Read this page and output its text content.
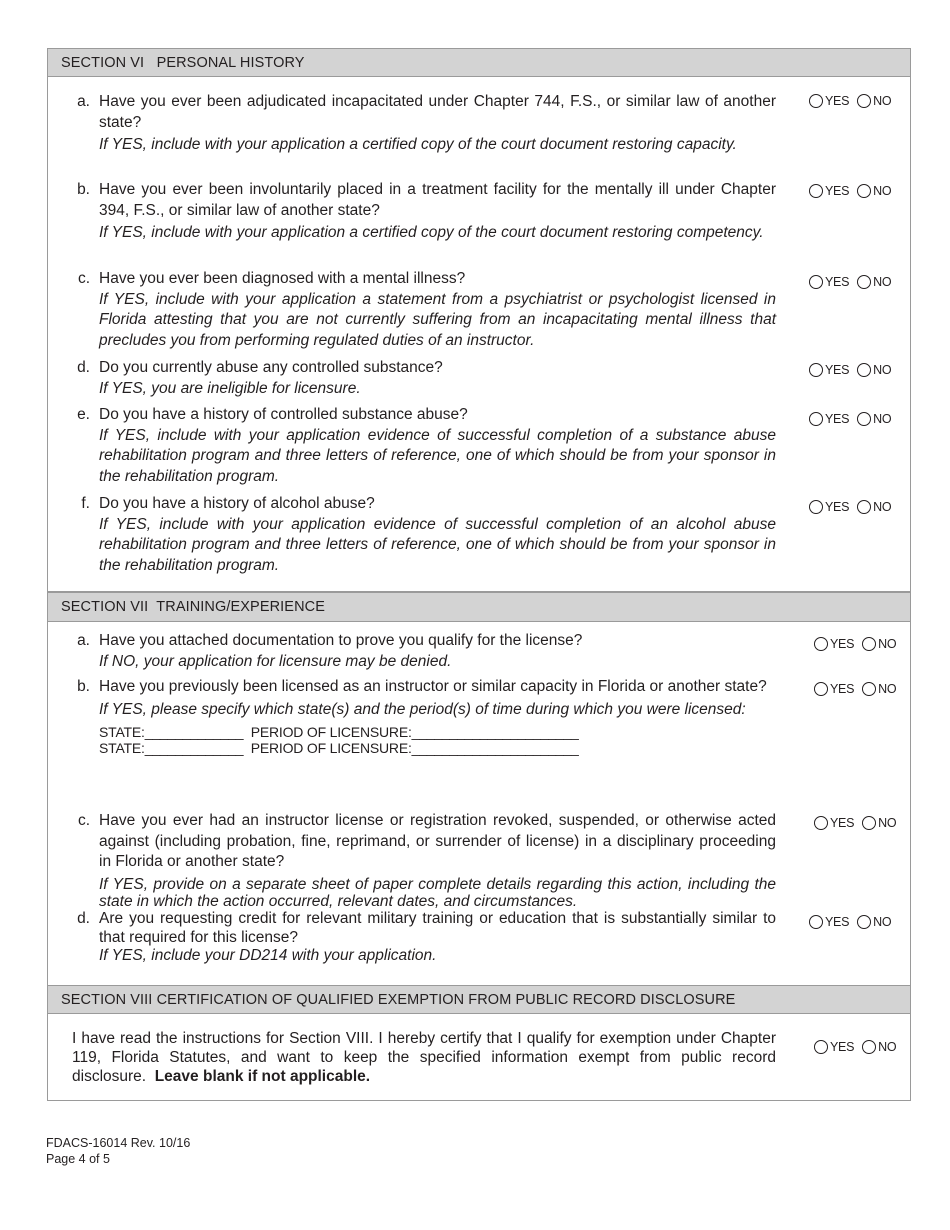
SECTION VI   PERSONAL HISTORY
a. Have you ever been adjudicated incapacitated under Chapter 744, F.S., or similar law of another state?

If YES, include with your application a certified copy of the court document restoring capacity.

b. Have you ever been involuntarily placed in a treatment facility for the mentally ill under Chapter 394, F.S., or similar law of another state?

If YES, include with your application a certified copy of the court document restoring competency.

c. Have you ever been diagnosed with a mental illness?

If YES, include with your application a statement from a psychiatrist or psychologist licensed in Florida attesting that you are not currently suffering from an incapacitating mental illness that precludes you from performing regulated duties of an instructor.

d. Do you currently abuse any controlled substance?

If YES, you are ineligible for licensure.

e. Do you have a history of controlled substance abuse?

If YES, include with your application evidence of successful completion of a substance abuse rehabilitation program and three letters of reference, one of which should be from your sponsor in the rehabilitation program.

f. Do you have a history of alcohol abuse?

If YES, include with your application evidence of successful completion of an alcohol abuse rehabilitation program and three letters of reference, one of which should be from your sponsor in the rehabilitation program.

YES NO
YES NO
YES NO
YES NO
YES NO
YES NO
SECTION VII  TRAINING/EXPERIENCE
a. Have you attached documentation to prove you qualify for the license?

If NO, your application for licensure may be denied.

b. Have you previously been licensed as an instructor or similar capacity in Florida or another state?

If YES, please specify which state(s) and the period(s) of time during which you were licensed:

STATE:_____________  PERIOD OF LICENSURE:______________________
STATE:_____________  PERIOD OF LICENSURE:______________________
c. Have you ever had an instructor license or registration revoked, suspended, or otherwise acted against (including probation, fine, reprimand, or surrender of license) in a disciplinary proceeding in Florida or another state?

If YES, provide on a separate sheet of paper complete details regarding this action, including the state in which the action occurred, relevant dates, and circumstances.

d. Are you requesting credit for relevant military training or education that is substantially similar to that required for this license?

If YES, include your DD214 with your application.

YES NO
YES NO
YES NO
YES NO
SECTION VIII CERTIFICATION OF QUALIFIED EXEMPTION FROM PUBLIC RECORD DISCLOSURE
I have read the instructions for Section VIII. I hereby certify that I qualify for exemption under Chapter 119, Florida Statutes, and want to keep the specified information exempt from public record disclosure. Leave blank if not applicable.
YES NO
FDACS-16014 Rev. 10/16
Page 4 of 5
